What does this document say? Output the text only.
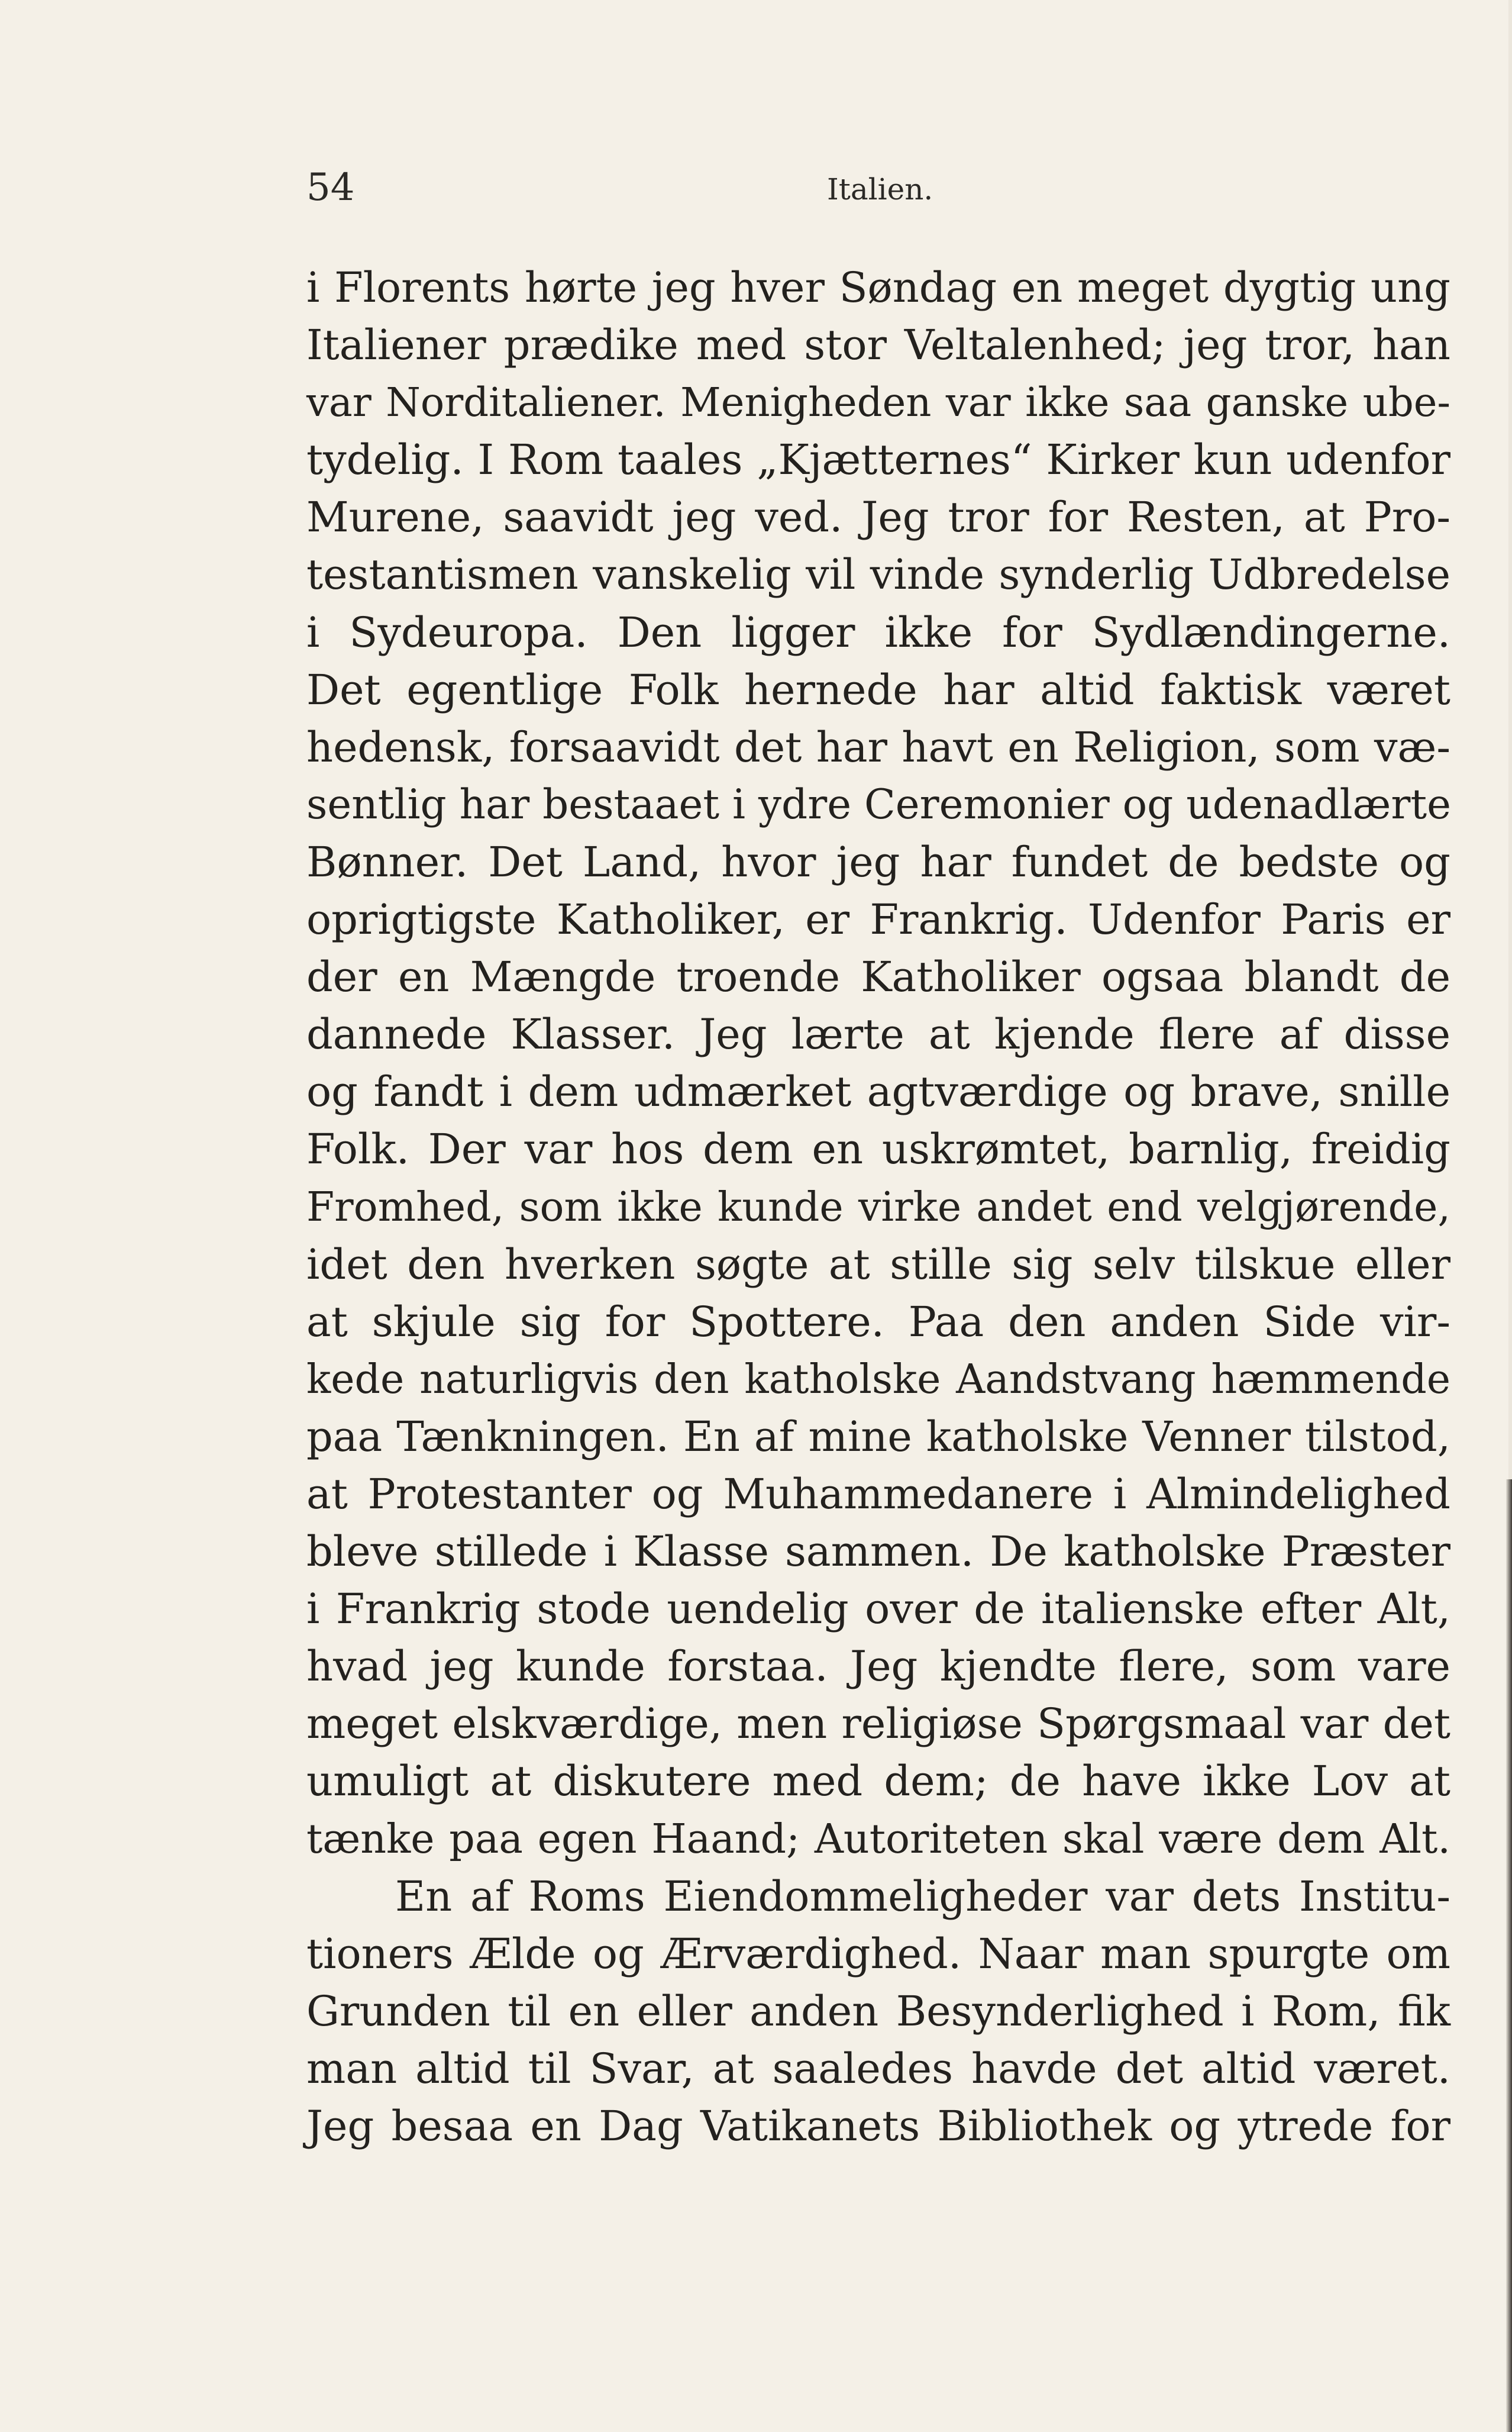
54	Italien.
i Florents hørte jeg hver Søndag en meget dygtig ung
Italiener prædike med stor Veltalenhed; jeg tror, han
var Norditaliener. Menigheden var ikke saa ganske ube-
tydelig. I Rom taales „Kjætternes“ Kirker kun udenfor
Murene, saavidt jeg ved. Jeg tror for Resten, at Pro-
testantismen vanskelig vil vinde synderlig Udbredelse
i Sydeuropa. Den ligger ikke for Sydlændingerne.
Det egentlige Folk hernede har altid faktisk været
hedensk, forsaavidt det har havt en Religion, som væ-
sentlig har bestaaet i ydre Ceremonier og udenadlærte
Bønner. Det Land, hvor jeg har fundet de bedste og
oprigtigste Katholiker, er Frankrig. Udenfor Paris er
der en Mængde troende Katholiker ogsaa blandt de
dannede Klasser. Jeg lærte at kjende flere af disse
og fandt i dem udmærket agtværdige og brave, snille
Folk. Der var hos dem en uskrømtet, barnlig, freidig
Fromhed, som ikke kunde virke andet end velgjørende,
idet den hverken søgte at stille sig selv tilskue eller
at skjule sig for Spottere. Paa den anden Side vir-
kede naturligvis den katholske Aandstvang hæmmende
paa Tænkningen. En af mine katholske Venner tilstod,
at Protestanter og Muhammedanere i Almindelighed
bleve stillede i Klasse sammen. De katholske Præster
i Frankrig stode uendelig over de italienske efter Alt,
hvad jeg kunde forstaa. Jeg kjendte flere, som vare
meget elskværdige, men religiøse Spørgsmaal var det
umuligt at diskutere med dem; de have ikke Lov at
tænke paa egen Haand; Autoriteten skal være dem Alt.
En af Roms Eiendommeligheder var dets Institu-
tioners Ælde og Ærværdighed. Naar man spurgte om
Grunden til en eller anden Besynderlighed i Rom, fik
man altid til Svar, at saaledes havde det altid været.
Jeg besaa en Dag Vatikanets Bibliothek og ytrede for
